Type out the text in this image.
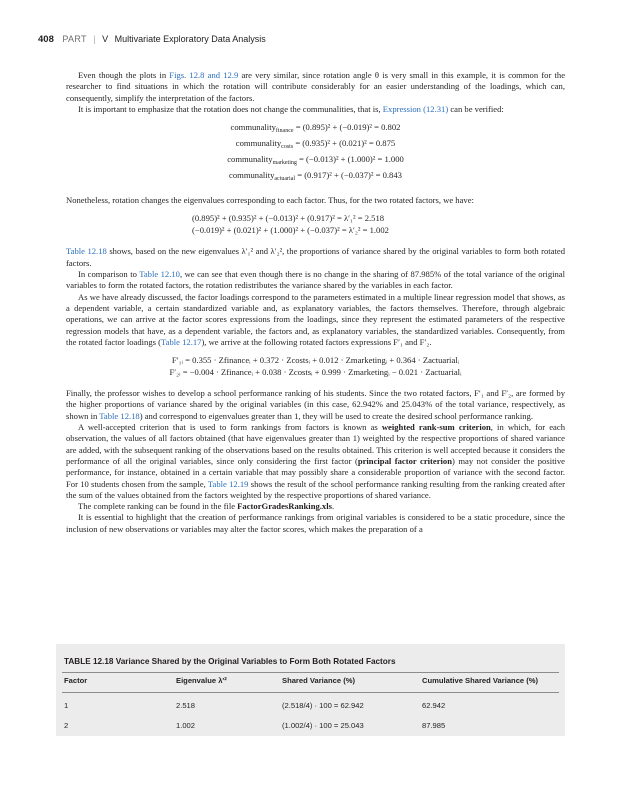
408 PART | V Multivariate Exploratory Data Analysis

Even though the plots in Figs. 12.8 and 12.9 are very similar, since rotation angle θ is very small in this example, it is common for the researcher to find situations in which the rotation will contribute considerably for an easier understanding of the loadings, which can, consequently, simplify the interpretation of the factors.

It is important to emphasize that the rotation does not change the communalities, that is, Expression (12.31) can be verified:

communality$_{finance}$ = (0.895)² + (−0.019)² = 0.802
communality$_{costs}$ = (0.935)² + (0.021)² = 0.875
communality$_{marketing}$ = (−0.013)² + (1.000)² = 1.000
communality$_{actuarial}$ = (0.917)² + (−0.037)² = 0.843

Nonetheless, rotation changes the eigenvalues corresponding to each factor. Thus, for the two rotated factors, we have:

(0.895)² + (0.935)² + (−0.013)² + (0.917)² = λ′₁² = 2.518
(−0.019)² + (0.021)² + (1.000)² + (−0.037)² = λ′₂² = 1.002

Table 12.18 shows, based on the new eigenvalues λ′₁² and λ′₂², the proportions of variance shared by the original variables to form both rotated factors.

In comparison to Table 12.10, we can see that even though there is no change in the sharing of 87.985% of the total variance of the original variables to form the rotated factors, the rotation redistributes the variance shared by the variables in each factor.

As we have already discussed, the factor loadings correspond to the parameters estimated in a multiple linear regression model that shows, as a dependent variable, a certain standardized variable and, as explanatory variables, the factors themselves. Therefore, through algebraic operations, we can arrive at the factor scores expressions from the loadings, since they represent the estimated parameters of the respective regression models that have, as a dependent variable, the factors and, as explanatory variables, the standardized variables. Consequently, from the rotated factor loadings (Table 12.17), we arrive at the following rotated factors expressions F′₁ and F′₂.

F′₁ᵢ = 0.355 · Zfinanceᵢ + 0.372 · Zcostsᵢ + 0.012 · Zmarketingᵢ + 0.364 · Zactuarialᵢ
F′₂ᵢ = −0.004 · Zfinanceᵢ + 0.038 · Zcostsᵢ + 0.999 · Zmarketingᵢ − 0.021 · Zactuarialᵢ

Finally, the professor wishes to develop a school performance ranking of his students. Since the two rotated factors, F′₁ and F′₂, are formed by the higher proportions of variance shared by the original variables (in this case, 62.942% and 25.043% of the total variance, respectively, as shown in Table 12.18) and correspond to eigenvalues greater than 1, they will be used to create the desired school performance ranking.

A well-accepted criterion that is used to form rankings from factors is known as weighted rank-sum criterion, in which, for each observation, the values of all factors obtained (that have eigenvalues greater than 1) weighted by the respective proportions of shared variance are added, with the subsequent ranking of the observations based on the results obtained. This criterion is well accepted because it considers the performance of all the original variables, since only considering the first factor (principal factor criterion) may not consider the positive performance, for instance, obtained in a certain variable that may possibly share a considerable proportion of variance with the second factor. For 10 students chosen from the sample, Table 12.19 shows the result of the school performance ranking resulting from the ranking created after the sum of the values obtained from the factors weighted by the respective proportions of shared variance.

The complete ranking can be found in the file FactorGradesRanking.xls.

It is essential to highlight that the creation of performance rankings from original variables is considered to be a static procedure, since the inclusion of new observations or variables may alter the factor scores, which makes the preparation of a

TABLE 12.18 Variance Shared by the Original Variables to Form Both Rotated Factors
Factor	Eigenvalue λ′²	Shared Variance (%)	Cumulative Shared Variance (%)
1	2.518	(2.518/4) · 100 = 62.942	62.942
2	1.002	(1.002/4) · 100 = 25.043	87.985
